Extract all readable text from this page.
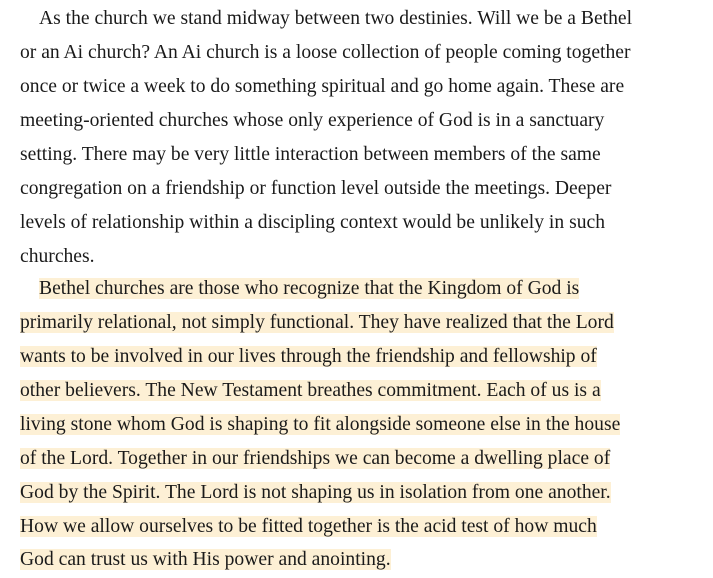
As the church we stand midway between two destinies. Will we be a Bethel
or an Ai church? An Ai church is a loose collection of people coming together
once or twice a week to do something spiritual and go home again. These are
meeting-oriented churches whose only experience of God is in a sanctuary
setting. There may be very little interaction between members of the same
congregation on a friendship or function level outside the meetings. Deeper
levels of relationship within a discipling context would be unlikely in such
churches.
Bethel churches are those who recognize that the Kingdom of God is
primarily relational, not simply functional. They have realized that the Lord
wants to be involved in our lives through the friendship and fellowship of
other believers. The New Testament breathes commitment. Each of us is a
living stone whom God is shaping to fit alongside someone else in the house
of the Lord. Together in our friendships we can become a dwelling place of
God by the Spirit. The Lord is not shaping us in isolation from one another.
How we allow ourselves to be fitted together is the acid test of how much
God can trust us with His power and anointing.
